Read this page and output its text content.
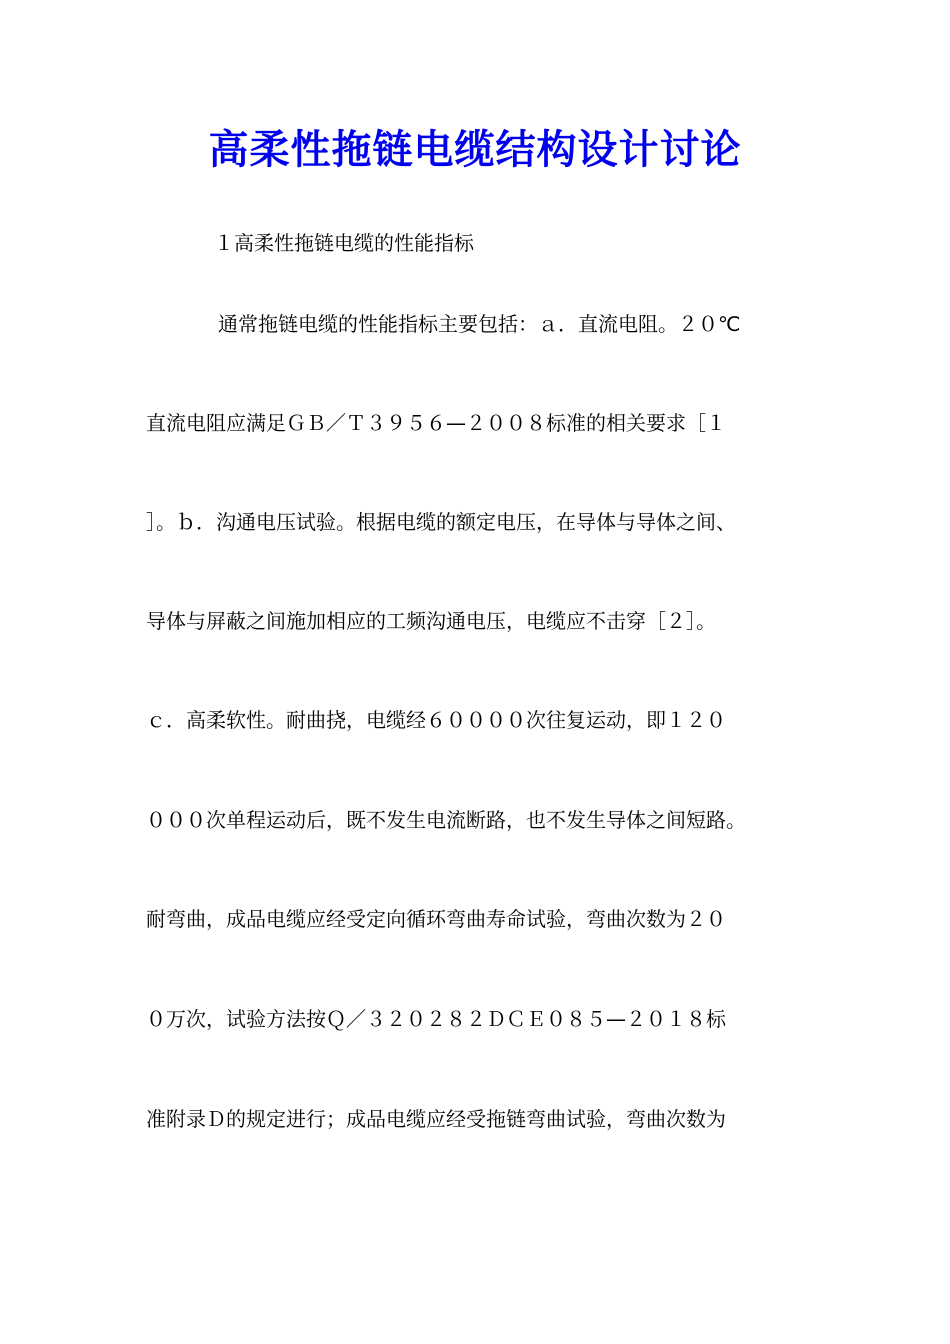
高柔性拖链电缆结构设计讨论
１高柔性拖链电缆的性能指标
通常拖链电缆的性能指标主要包括：ａ．直流电阻。２０℃
直流电阻应满足ＧＢ／Ｔ３９５６—２００８标准的相关要求［１
］。ｂ．沟通电压试验。根据电缆的额定电压，在导体与导体之间、
导体与屏蔽之间施加相应的工频沟通电压，电缆应不击穿［２］。
ｃ．高柔软性。耐曲挠，电缆经６００００次往复运动，即１２０
０００次单程运动后，既不发生电流断路，也不发生导体之间短路。
耐弯曲，成品电缆应经受定向循环弯曲寿命试验，弯曲次数为２０
０万次，试验方法按Ｑ／３２０２８２ＤＣＥ０８５—２０１８标
准附录Ｄ的规定进行；成品电缆应经受拖链弯曲试验，弯曲次数为
